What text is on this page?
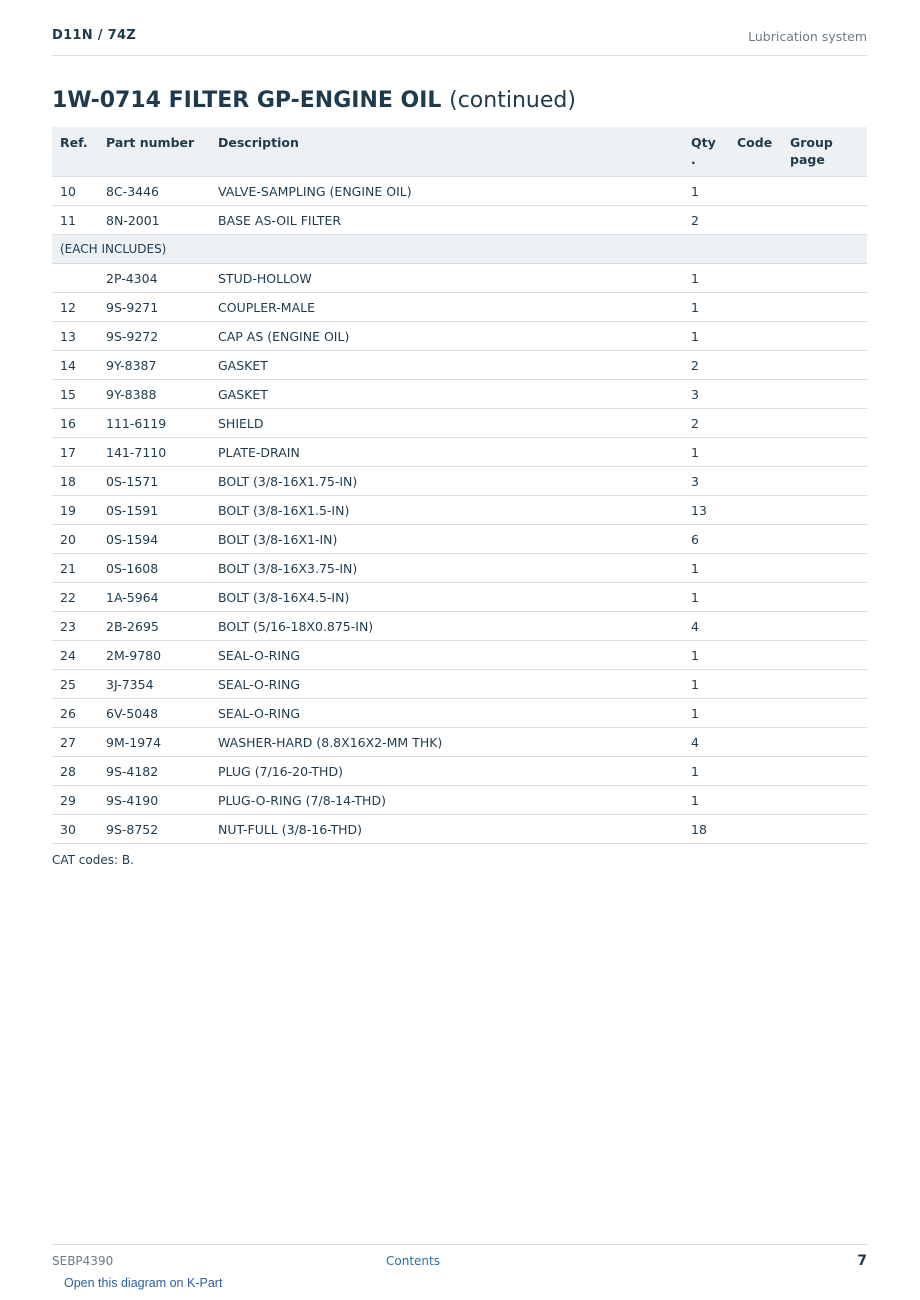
D11N / 74Z	Lubrication system
1W-0714 FILTER GP-ENGINE OIL (continued)
Ref.	Part number	Description	Qty .	Code	Group page
10	8C-3446	VALVE-SAMPLING (ENGINE OIL)	1		
11	8N-2001	BASE AS-OIL FILTER	2		
(EACH INCLUDES)					
	2P-4304	STUD-HOLLOW	1		
12	9S-9271	COUPLER-MALE	1		
13	9S-9272	CAP AS (ENGINE OIL)	1		
14	9Y-8387	GASKET	2		
15	9Y-8388	GASKET	3		
16	111-6119	SHIELD	2		
17	141-7110	PLATE-DRAIN	1		
18	0S-1571	BOLT (3/8-16X1.75-IN)	3		
19	0S-1591	BOLT (3/8-16X1.5-IN)	13		
20	0S-1594	BOLT (3/8-16X1-IN)	6		
21	0S-1608	BOLT (3/8-16X3.75-IN)	1		
22	1A-5964	BOLT (3/8-16X4.5-IN)	1		
23	2B-2695	BOLT (5/16-18X0.875-IN)	4		
24	2M-9780	SEAL-O-RING	1		
25	3J-7354	SEAL-O-RING	1		
26	6V-5048	SEAL-O-RING	1		
27	9M-1974	WASHER-HARD (8.8X16X2-MM THK)	4		
28	9S-4182	PLUG (7/16-20-THD)	1		
29	9S-4190	PLUG-O-RING (7/8-14-THD)	1		
30	9S-8752	NUT-FULL (3/8-16-THD)	18		
CAT codes: B.
SEBP4390	Contents	7
Open this diagram on K-Part
